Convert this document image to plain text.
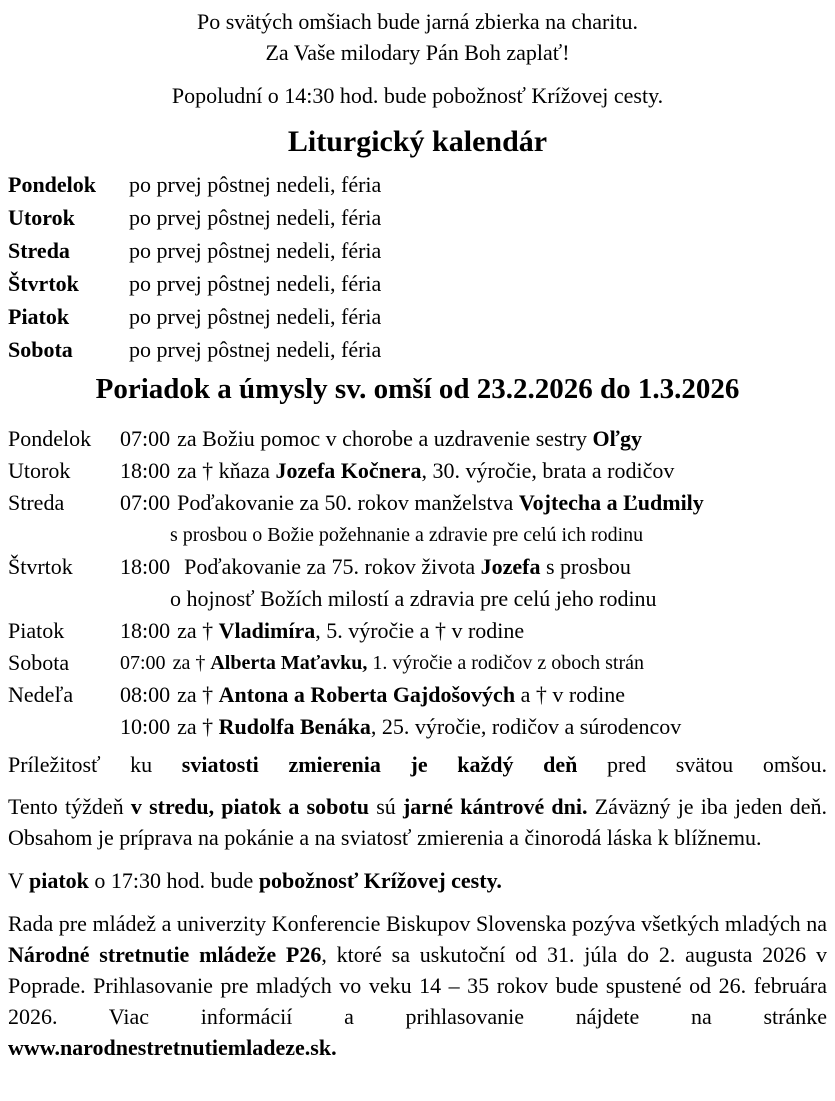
Po svätých omšiach bude jarná zbierka na charitu.
Za Vaše milodary Pán Boh zaplať!
Popoludní o 14:30 hod. bude pobožnosť Krížovej cesty.
Liturgický kalendár
Pondelok	po prvej pôstnej nedeli, féria
Utorok	po prvej pôstnej nedeli, féria
Streda	po prvej pôstnej nedeli, féria
Štvrtok	po prvej pôstnej nedeli, féria
Piatok	po prvej pôstnej nedeli, féria
Sobota	po prvej pôstnej nedeli, féria
Poriadok a úmysly sv. omší od 23.2.2026 do 1.3.2026
Pondelok	07:00 za Božiu pomoc v chorobe a uzdravenie sestry Oľgy
Utorok	18:00 za † kňaza Jozefa Kočnera, 30. výročie, brata a rodičov
Streda	07:00 Poďakovanie za 50. rokov manželstva Vojtecha a Ľudmily
s prosbou o Božie požehnanie a zdravie pre celú ich rodinu
Štvrtok	18:00 Poďakovanie za 75. rokov života Jozefa s prosbou
o hojnosť Božích milostí a zdravia pre celú jeho rodinu
Piatok	18:00 za † Vladimíra, 5. výročie a † v rodine
Sobota	07:00 za † Alberta Maťavku, 1. výročie a rodičov z oboch strán
Nedeľa	08:00 za † Antona a Roberta Gajdošových a † v rodine
10:00 za † Rudolfa Benáka, 25. výročie, rodičov a súrodencov

Príležitosť ku sviatosti zmierenia je každý deň pred svätou omšou.

Tento týždeň v stredu, piatok a sobotu sú jarné kántrové dni. Záväzný je iba jeden deň. Obsahom je príprava na pokánie a na sviatosť zmierenia a činorodá láska k blížnemu.

V piatok o 17:30 hod. bude pobožnosť Krížovej cesty.

Rada pre mládež a univerzity Konferencie Biskupov Slovenska pozýva všetkých mladých na Národné stretnutie mládeže P26, ktoré sa uskutoční od 31. júla do 2. augusta 2026 v Poprade. Prihlasovanie pre mladých vo veku 14 – 35 rokov bude spustené od 26. februára 2026. Viac informácií a prihlasovanie nájdete na stránke www.narodnestretnutiemladeze.sk.
